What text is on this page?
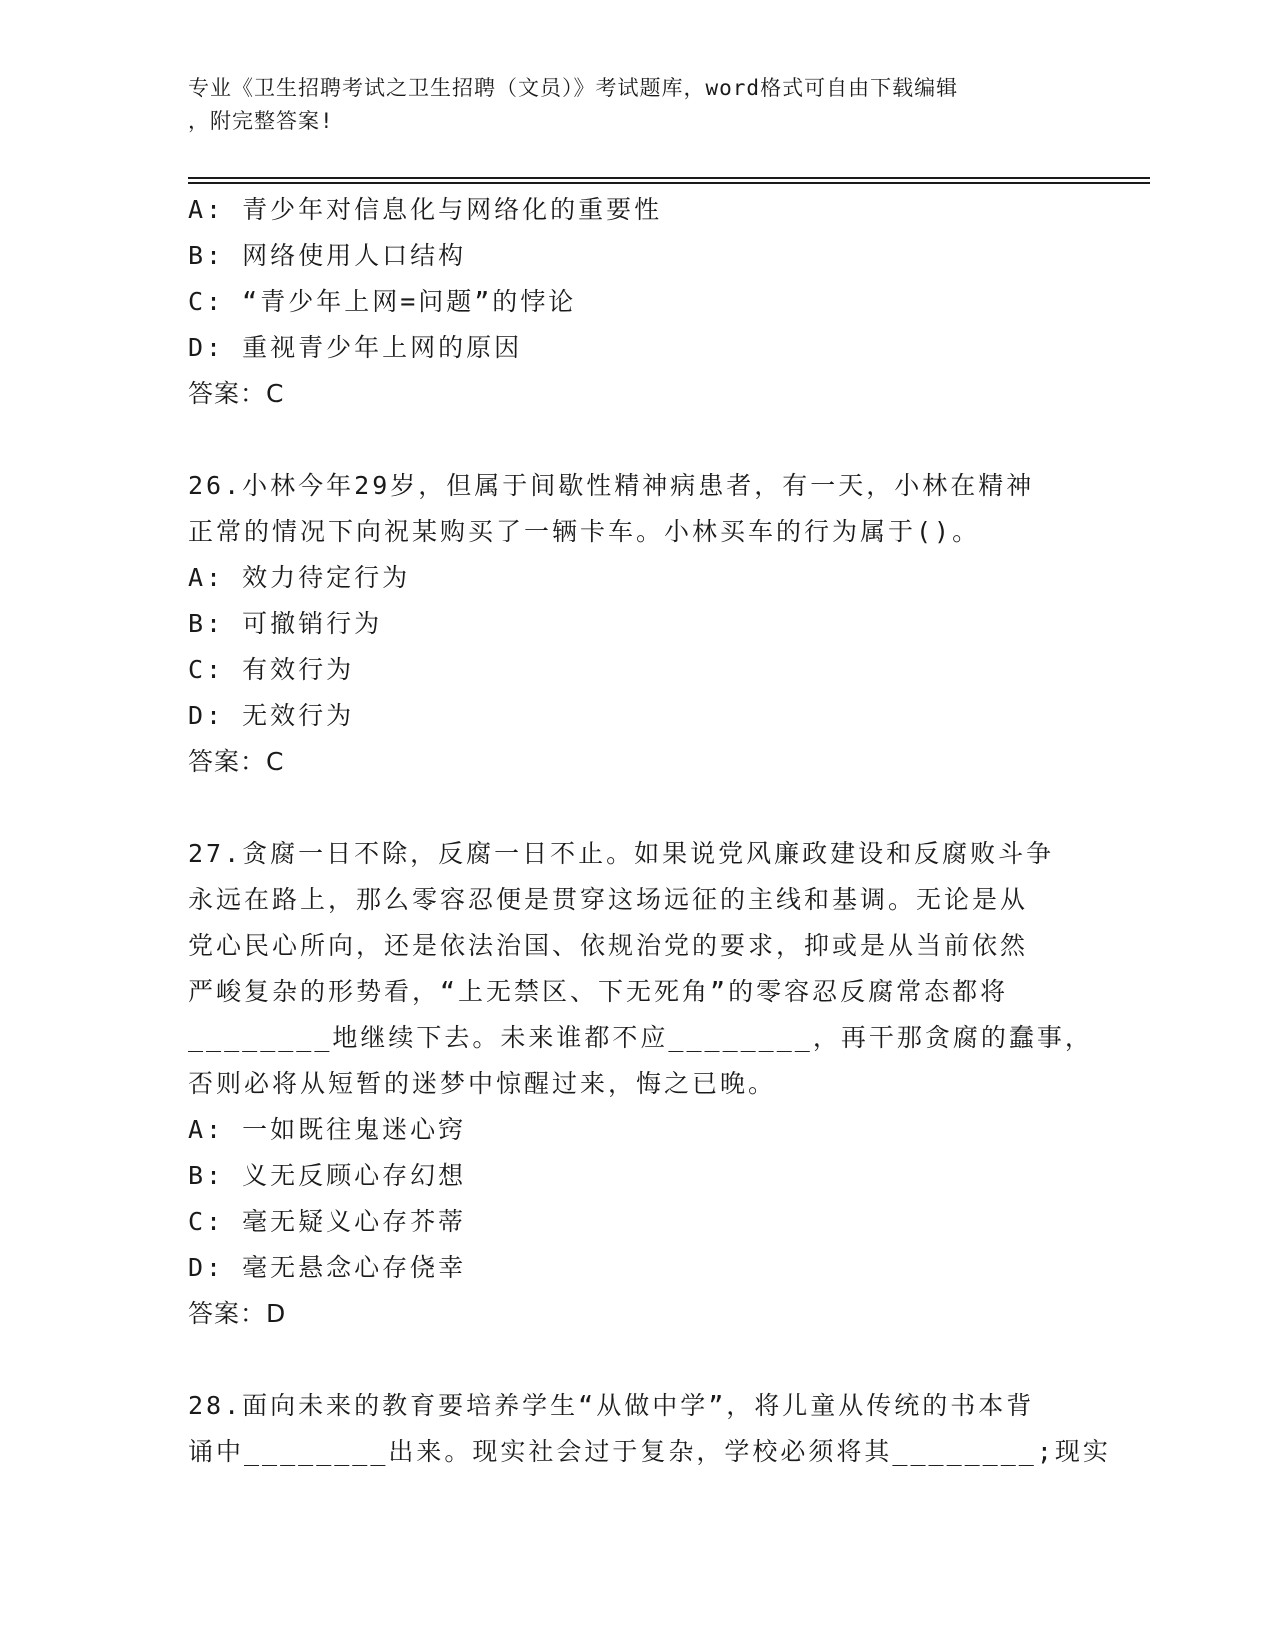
专业《卫生招聘考试之卫生招聘（文员）》考试题库，word格式可自由下载编辑
，附完整答案!
A: 青少年对信息化与网络化的重要性
B: 网络使用人口结构
C: “青少年上网=问题”的悖论
D: 重视青少年上网的原因
答案：C
26.小林今年29岁，但属于间歇性精神病患者，有一天，小林在精神
正常的情况下向祝某购买了一辆卡车。小林买车的行为属于()。
A: 效力待定行为
B: 可撤销行为
C: 有效行为
D: 无效行为
答案：C
27.贪腐一日不除，反腐一日不止。如果说党风廉政建设和反腐败斗争
永远在路上，那么零容忍便是贯穿这场远征的主线和基调。无论是从
党心民心所向，还是依法治国、依规治党的要求，抑或是从当前依然
严峻复杂的形势看，“上无禁区、下无死角”的零容忍反腐常态都将
________地继续下去。未来谁都不应________，再干那贪腐的蠢事，
否则必将从短暂的迷梦中惊醒过来，悔之已晚。
A: 一如既往鬼迷心窍
B: 义无反顾心存幻想
C: 毫无疑义心存芥蒂
D: 毫无悬念心存侥幸
答案：D
28.面向未来的教育要培养学生“从做中学”，将儿童从传统的书本背
诵中________出来。现实社会过于复杂，学校必须将其________;现实
